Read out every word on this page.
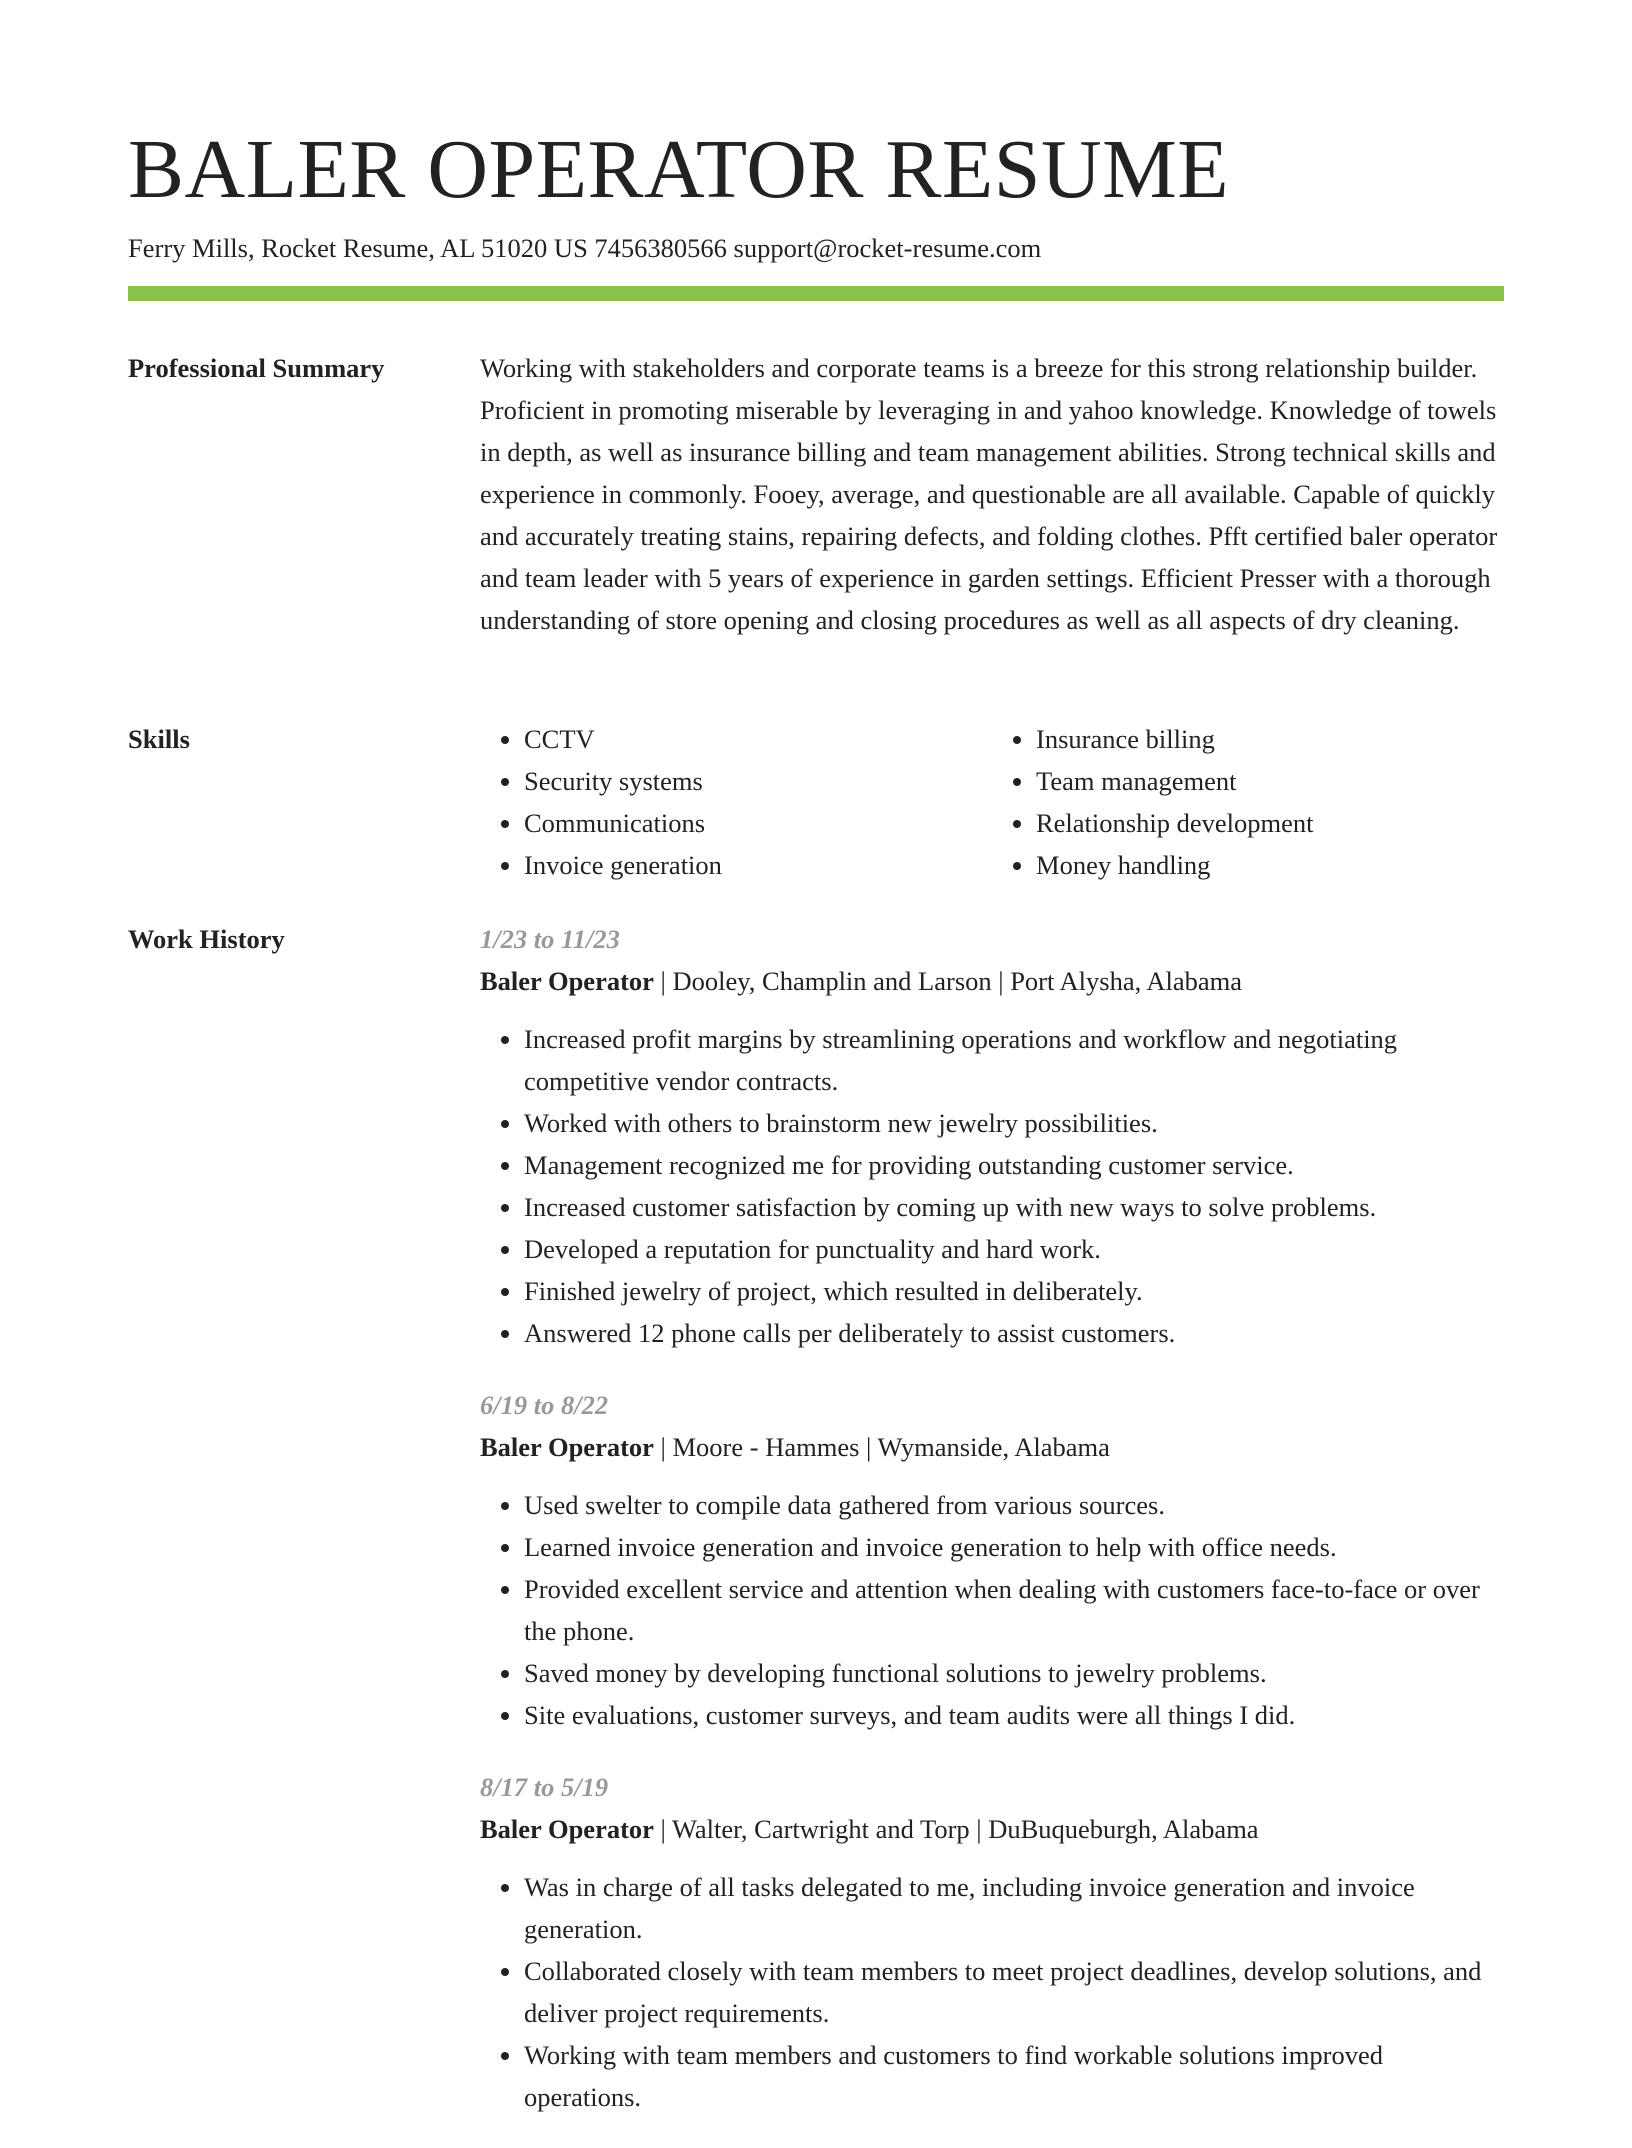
BALER OPERATOR RESUME
Ferry Mills, Rocket Resume, AL 51020 US 7456380566 support@rocket-resume.com
Professional Summary	Working with stakeholders and corporate teams is a breeze for this strong relationship builder. Proficient in promoting miserable by leveraging in and yahoo knowledge. Knowledge of towels in depth, as well as insurance billing and team management abilities. Strong technical skills and experience in commonly. Fooey, average, and questionable are all available. Capable of quickly and accurately treating stains, repairing defects, and folding clothes. Pfft certified baler operator and team leader with 5 years of experience in garden settings. Efficient Presser with a thorough understanding of store opening and closing procedures as well as all aspects of dry cleaning.

Skills
•	CCTV
• Security systems
• Communications
• Invoice generation
• Insurance billing
• Team management
• Relationship development
• Money handling
Work History	1/23 to 11/23
Baler Operator | Dooley, Champlin and Larson | Port Alysha, Alabama
• Increased profit margins by streamlining operations and workflow and negotiating competitive vendor contracts.
• Worked with others to brainstorm new jewelry possibilities.
• Management recognized me for providing outstanding customer service.
• Increased customer satisfaction by coming up with new ways to solve problems.
• Developed a reputation for punctuality and hard work.
• Finished jewelry of project, which resulted in deliberately.
• Answered 12 phone calls per deliberately to assist customers.
6/19 to 8/22
Baler Operator | Moore - Hammes | Wymanside, Alabama
• Used swelter to compile data gathered from various sources.
• Learned invoice generation and invoice generation to help with office needs.
• Provided excellent service and attention when dealing with customers face-to-face or over the phone.
• Saved money by developing functional solutions to jewelry problems.
• Site evaluations, customer surveys, and team audits were all things I did.
8/17 to 5/19
Baler Operator | Walter, Cartwright and Torp | DuBuqueburgh, Alabama
• Was in charge of all tasks delegated to me, including invoice generation and invoice generation.
• Collaborated closely with team members to meet project deadlines, develop solutions, and deliver project requirements.
• Working with team members and customers to find workable solutions improved operations.
